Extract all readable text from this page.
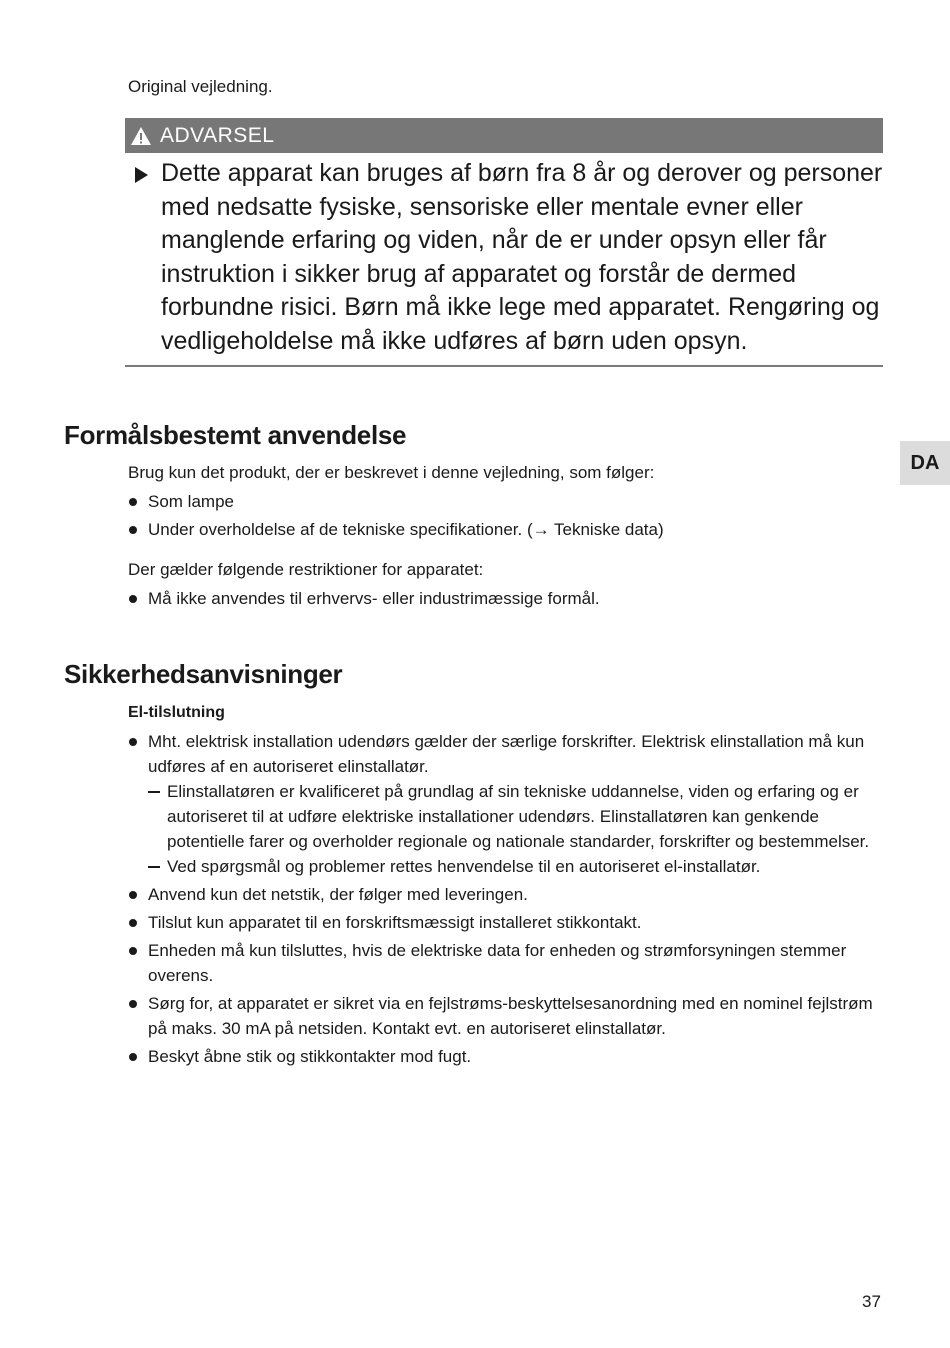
Original vejledning.
ADVARSEL
Dette apparat kan bruges af børn fra 8 år og derover og personer med nedsatte fysiske, sensoriske eller mentale evner eller manglende erfaring og viden, når de er under opsyn eller får instruktion i sikker brug af apparatet og forstår de dermed forbundne risici. Børn må ikke lege med apparatet. Rengøring og vedligeholdelse må ikke udføres af børn uden opsyn.
Formålsbestemt anvendelse
Brug kun det produkt, der er beskrevet i denne vejledning, som følger:
Som lampe
Under overholdelse af de tekniske specifikationer. (→ Tekniske data)
Der gælder følgende restriktioner for apparatet:
Må ikke anvendes til erhvervs- eller industrimæssige formål.
DA
Sikkerhedsanvisninger
El-tilslutning
Mht. elektrisk installation udendørs gælder der særlige forskrifter. Elektrisk elinstallation må kun udføres af en autoriseret elinstallatør.
Elinstallatøren er kvalificeret på grundlag af sin tekniske uddannelse, viden og erfaring og er autoriseret til at udføre elektriske installationer udendørs. Elinstallatøren kan genkende potentielle farer og overholder regionale og nationale standarder, forskrifter og bestemmelser.
Ved spørgsmål og problemer rettes henvendelse til en autoriseret el-installatør.
Anvend kun det netstik, der følger med leveringen.
Tilslut kun apparatet til en forskriftsmæssigt installeret stikkontakt.
Enheden må kun tilsluttes, hvis de elektriske data for enheden og strømforsyningen stemmer overens.
Sørg for, at apparatet er sikret via en fejlstrøms-beskyttelsesanordning med en nominel fejlstrøm på maks. 30 mA på netsiden. Kontakt evt. en autoriseret elinstallatør.
Beskyt åbne stik og stikkontakter mod fugt.
37
